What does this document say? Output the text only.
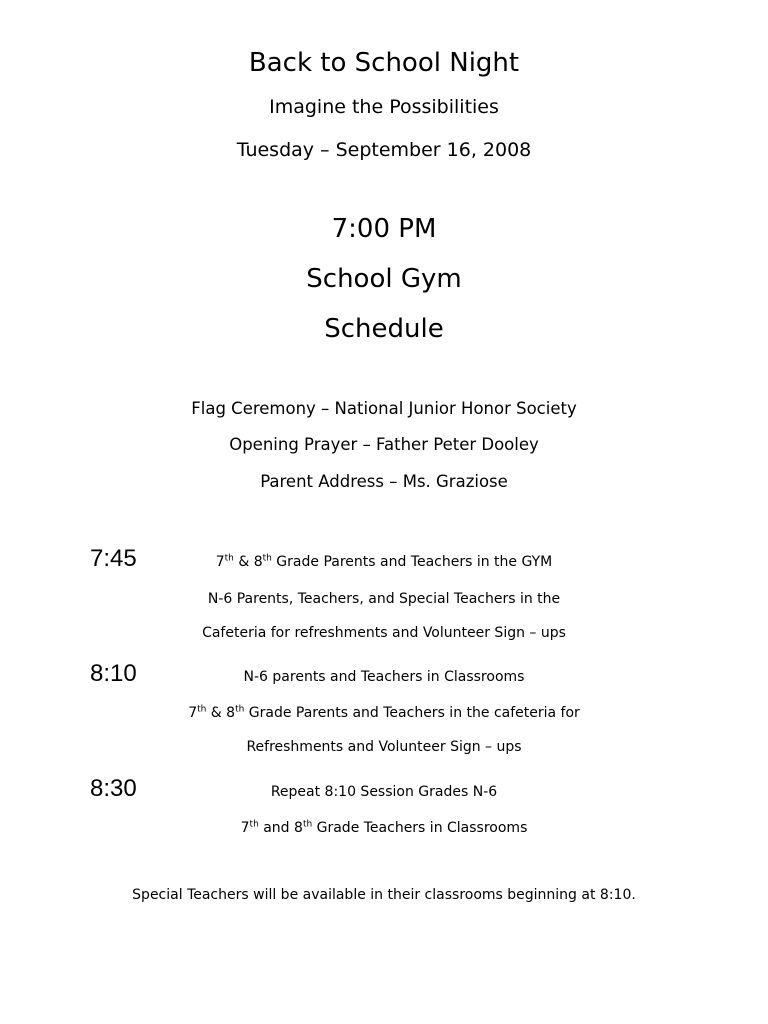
Back to School Night
Imagine the Possibilities
Tuesday – September 16, 2008
7:00 PM
School Gym
Schedule
Flag Ceremony – National Junior Honor Society
Opening Prayer – Father Peter Dooley
Parent Address – Ms. Graziose
7:45	7th & 8th Grade Parents and Teachers in the GYM
N-6 Parents, Teachers, and Special Teachers in the
Cafeteria for refreshments and Volunteer Sign – ups
8:10	N-6 parents and Teachers in Classrooms
7th & 8th Grade Parents and Teachers in the cafeteria for
Refreshments and Volunteer Sign – ups
8:30	Repeat 8:10 Session Grades N-6
7th and 8th Grade Teachers in Classrooms
Special Teachers will be available in their classrooms beginning at 8:10.
